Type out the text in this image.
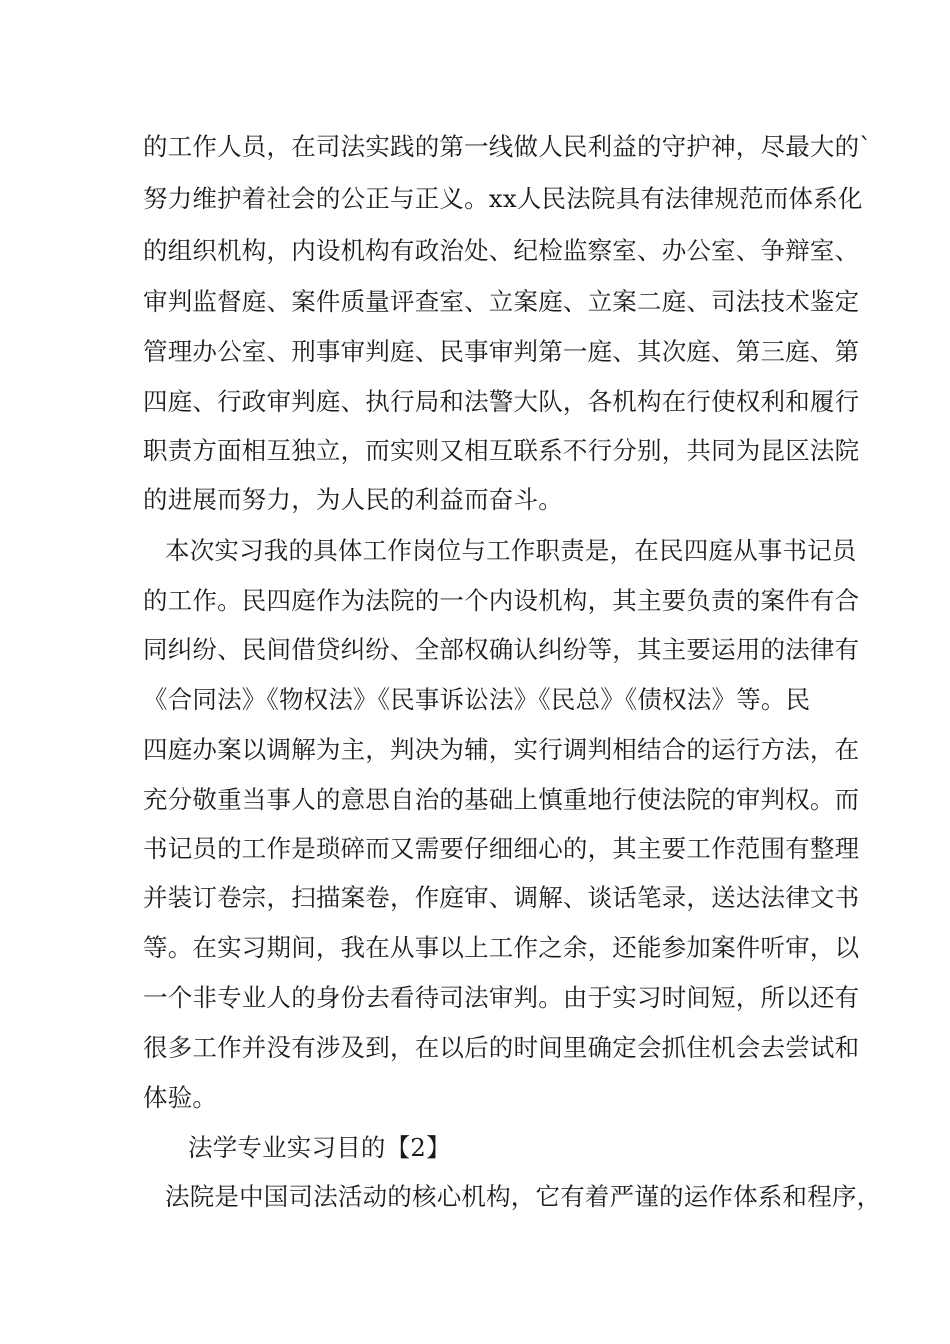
的工作人员，在司法实践的第一线做人民利益的守护神，尽最大的`
努力维护着社会的公正与正义。xx人民法院具有法律规范而体系化
的组织机构，内设机构有政治处、纪检监察室、办公室、争辩室、
审判监督庭、案件质量评查室、立案庭、立案二庭、司法技术鉴定
管理办公室、刑事审判庭、民事审判第一庭、其次庭、第三庭、第
四庭、行政审判庭、执行局和法警大队，各机构在行使权利和履行
职责方面相互独立，而实则又相互联系不行分别，共同为昆区法院
的进展而努力，为人民的利益而奋斗。
本次实习我的具体工作岗位与工作职责是，在民四庭从事书记员
的工作。民四庭作为法院的一个内设机构，其主要负责的案件有合
同纠纷、民间借贷纠纷、全部权确认纠纷等，其主要运用的法律有
《合同法》《物权法》《民事诉讼法》《民总》《债权法》等。民
四庭办案以调解为主，判决为辅，实行调判相结合的运行方法，在
充分敬重当事人的意思自治的基础上慎重地行使法院的审判权。而
书记员的工作是琐碎而又需要仔细细心的，其主要工作范围有整理
并装订卷宗，扫描案卷，作庭审、调解、谈话笔录，送达法律文书
等。在实习期间，我在从事以上工作之余，还能参加案件听审，以
一个非专业人的身份去看待司法审判。由于实习时间短，所以还有
很多工作并没有涉及到，在以后的时间里确定会抓住机会去尝试和
体验。
法学专业实习目的【2】
法院是中国司法活动的核心机构，它有着严谨的运作体系和程序，
